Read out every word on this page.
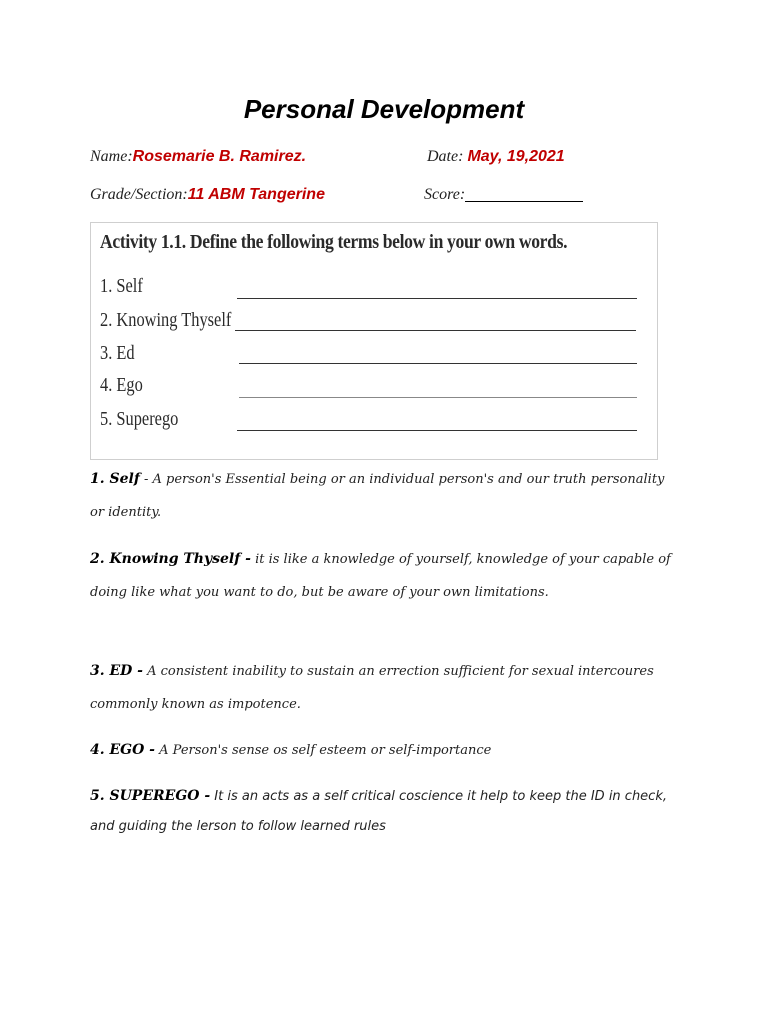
Personal Development
Name:Rosemarie B. Ramirez.	Date: May, 19,2021
Grade/Section:11 ABM Tangerine	Score:
Activity 1.1. Define the following terms below in your own words.
1. Self
2. Knowing Thyself
3. Ed
4. Ego
5. Superego
1. Self - A person's Essential being or an individual person's and our truth personality or identity.
2. Knowing Thyself - it is like a knowledge of yourself, knowledge of your capable of doing like what you want to do, but be aware of your own limitations.
3. ED - A consistent inability to sustain an errection sufficient for sexual intercoures commonly known as impotence.
4. EGO - A Person's sense os self esteem or self-importance
5. SUPEREGO - It is an acts as a self critical coscience it help to keep the ID in check, and guiding the lerson to follow learned rules
